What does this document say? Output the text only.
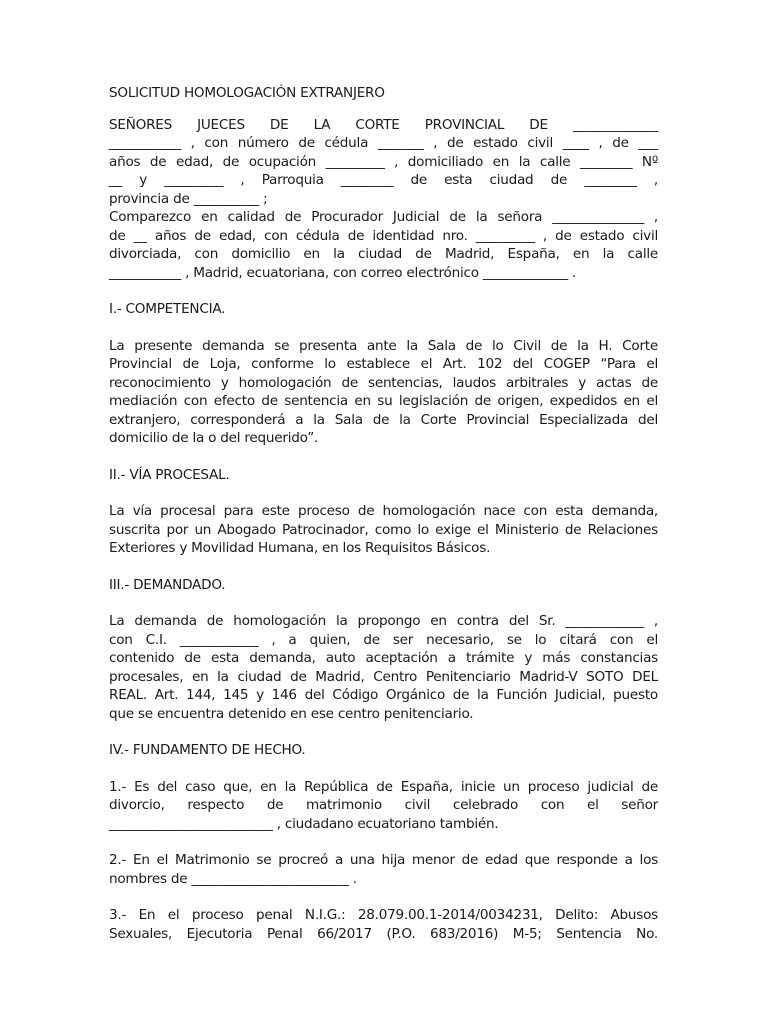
SOLICITUD HOMOLOGACIÓN EXTRANJERO

SEÑORES JUECES DE LA CORTE PROVINCIAL DE _____________
___________ , con número de cédula _______ , de estado civil ____ , de ___
años de edad, de ocupación _________ , domiciliado en la calle ________ Nº
__ y _________ , Parroquia ________ de esta ciudad de ________ ,
provincia de __________ ;
Comparezco en calidad de Procurador Judicial de la señora ______________ ,
de __ años de edad, con cédula de identidad nro. _________ , de estado civil
divorciada, con domicilio en la ciudad de Madrid, España, en la calle
___________ , Madrid, ecuatoriana, con correo electrónico _____________ .

I.- COMPETENCIA.

La presente demanda se presenta ante la Sala de lo Civil de la H. Corte
Provincial de Loja, conforme lo establece el Art. 102 del COGEP “Para el
reconocimiento y homologación de sentencias, laudos arbitrales y actas de
mediación con efecto de sentencia en su legislación de origen, expedidos en el
extranjero, corresponderá a la Sala de la Corte Provincial Especializada del
domicilio de la o del requerido”.

II.- VÍA PROCESAL.

La vía procesal para este proceso de homologación nace con esta demanda,
suscrita por un Abogado Patrocinador, como lo exige el Ministerio de Relaciones
Exteriores y Movilidad Humana, en los Requisitos Básicos.

III.- DEMANDADO.

La demanda de homologación la propongo en contra del Sr. ____________ ,
con C.I. ____________ , a quien, de ser necesario, se lo citará con el
contenido de esta demanda, auto aceptación a trámite y más constancias
procesales, en la ciudad de Madrid, Centro Penitenciario Madrid-V SOTO DEL
REAL. Art. 144, 145 y 146 del Código Orgánico de la Función Judicial, puesto
que se encuentra detenido en ese centro penitenciario.

IV.- FUNDAMENTO DE HECHO.

1.- Es del caso que, en la República de España, inicie un proceso judicial de
divorcio, respecto de matrimonio civil celebrado con el señor
_________________________ , ciudadano ecuatoriano también.

2.- En el Matrimonio se procreó a una hija menor de edad que responde a los
nombres de ________________________ .

3.- En el proceso penal N.I.G.: 28.079.00.1-2014/0034231, Delito: Abusos
Sexuales, Ejecutoria Penal 66/2017 (P.O. 683/2016) M-5; Sentencia No.
